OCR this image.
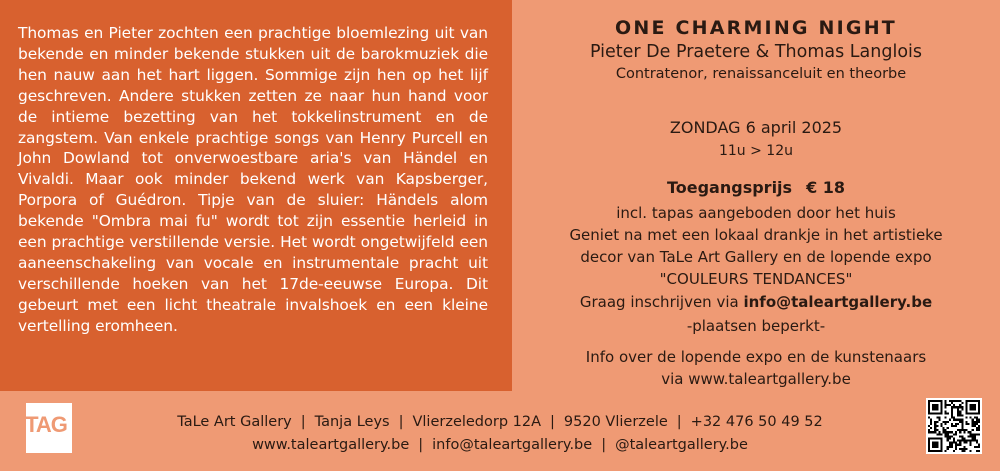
Thomas en Pieter zochten een prachtige bloemlezing uit van bekende en minder bekende stukken uit de barokmuziek die hen nauw aan het hart liggen. Sommige zijn hen op het lijf geschreven. Andere stukken zetten ze naar hun hand voor de intieme bezetting van het tokkelinstrument en de zangstem. Van enkele prachtige songs van Henry Purcell en John Dowland tot onverwoestbare aria's van Händel en Vivaldi. Maar ook minder bekend werk van Kapsberger, Porpora of Guédron. Tipje van de sluier: Händels alom bekende "Ombra mai fu" wordt tot zijn essentie herleid in een prachtige verstillende versie. Het wordt ongetwijfeld een aaneenschakeling van vocale en instrumentale pracht uit verschillende hoeken van het 17de-eeuwse Europa. Dit gebeurt met een licht theatrale invalshoek en een kleine vertelling eromheen.

ONE CHARMING NIGHT
Pieter De Praetere & Thomas Langlois
Contratenor, renaissanceluit en theorbe
ZONDAG 6 april 2025
11u > 12u
Toegangsprijs € 18
incl. tapas aangeboden door het huis
Geniet na met een lokaal drankje in het artistieke
decor van TaLe Art Gallery en de lopende expo
"COULEURS TENDANCES"
Graag inschrijven via info@taleartgallery.be
-plaatsen beperkt-
Info over de lopende expo en de kunstenaars
via www.taleartgallery.be
TAG	TaLe Art Gallery | Tanja Leys | Vlierzeledorp 12A | 9520 Vlierzele | +32 476 50 49 52
www.taleartgallery.be | info@taleartgallery.be | @taleartgallery.be
